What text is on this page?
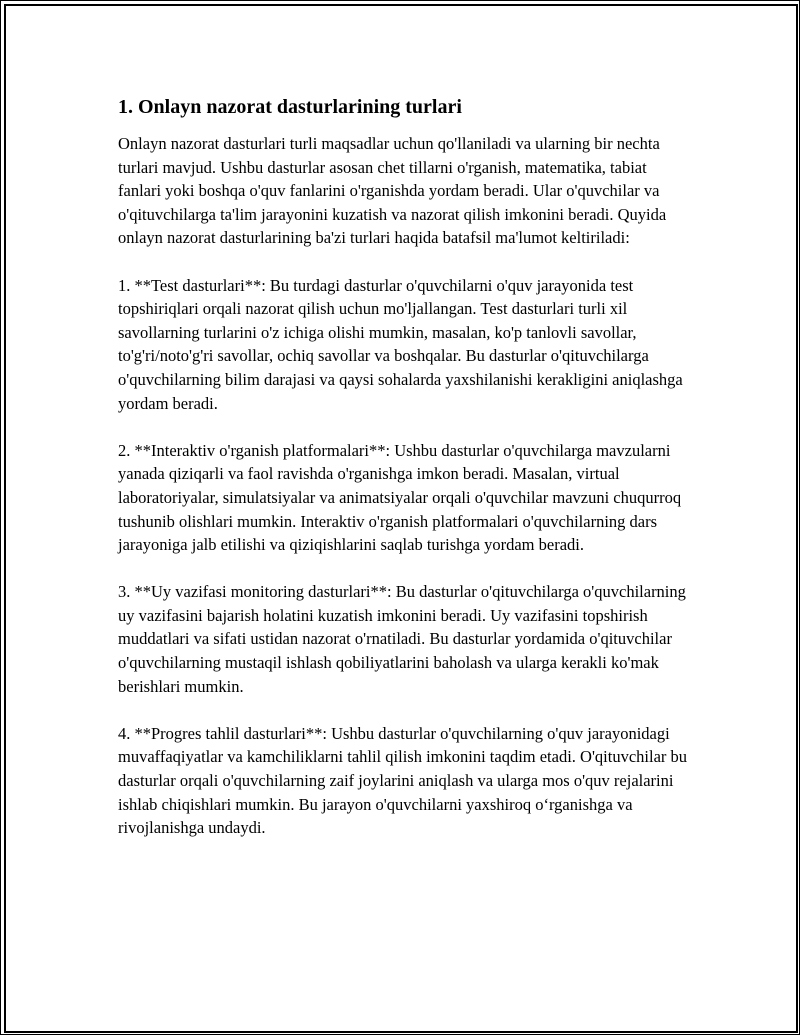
1. Onlayn nazorat dasturlarining turlari

Onlayn nazorat dasturlari turli maqsadlar uchun qo'llaniladi va ularning bir nechta turlari mavjud. Ushbu dasturlar asosan chet tillarni o'rganish, matematika, tabiat fanlari yoki boshqa o'quv fanlarini o'rganishda yordam beradi. Ular o'quvchilar va o'qituvchilarga ta'lim jarayonini kuzatish va nazorat qilish imkonini beradi. Quyida onlayn nazorat dasturlarining ba'zi turlari haqida batafsil ma'lumot keltiriladi:

1. **Test dasturlari**: Bu turdagi dasturlar o'quvchilarni o'quv jarayonida test topshiriqlari orqali nazorat qilish uchun mo'ljallangan. Test dasturlari turli xil savollarning turlarini o'z ichiga olishi mumkin, masalan, ko'p tanlovli savollar, to'g'ri/noto'g'ri savollar, ochiq savollar va boshqalar. Bu dasturlar o'qituvchilarga o'quvchilarning bilim darajasi va qaysi sohalarda yaxshilanishi kerakligini aniqlashga yordam beradi.

2. **Interaktiv o'rganish platformalari**: Ushbu dasturlar o'quvchilarga mavzularni yanada qiziqarli va faol ravishda o'rganishga imkon beradi. Masalan, virtual laboratoriyalar, simulatsiyalar va animatsiyalar orqali o'quvchilar mavzuni chuqurroq tushunib olishlari mumkin. Interaktiv o'rganish platformalari o'quvchilarning dars jarayoniga jalb etilishi va qiziqishlarini saqlab turishga yordam beradi.

3. **Uy vazifasi monitoring dasturlari**: Bu dasturlar o'qituvchilarga o'quvchilarning uy vazifasini bajarish holatini kuzatish imkonini beradi. Uy vazifasini topshirish muddatlari va sifati ustidan nazorat o'rnatiladi. Bu dasturlar yordamida o'qituvchilar o'quvchilarning mustaqil ishlash qobiliyatlarini baholash va ularga kerakli ko'mak berishlari mumkin.

4. **Progres tahlil dasturlari**: Ushbu dasturlar o'quvchilarning o'quv jarayonidagi muvaffaqiyatlar va kamchiliklarni tahlil qilish imkonini taqdim etadi. O'qituvchilar bu dasturlar orqali o'quvchilarning zaif joylarini aniqlash va ularga mos o'quv rejalarini ishlab chiqishlari mumkin. Bu jarayon o'quvchilarni yaxshiroq o‘rganishga va rivojlanishga undaydi.
